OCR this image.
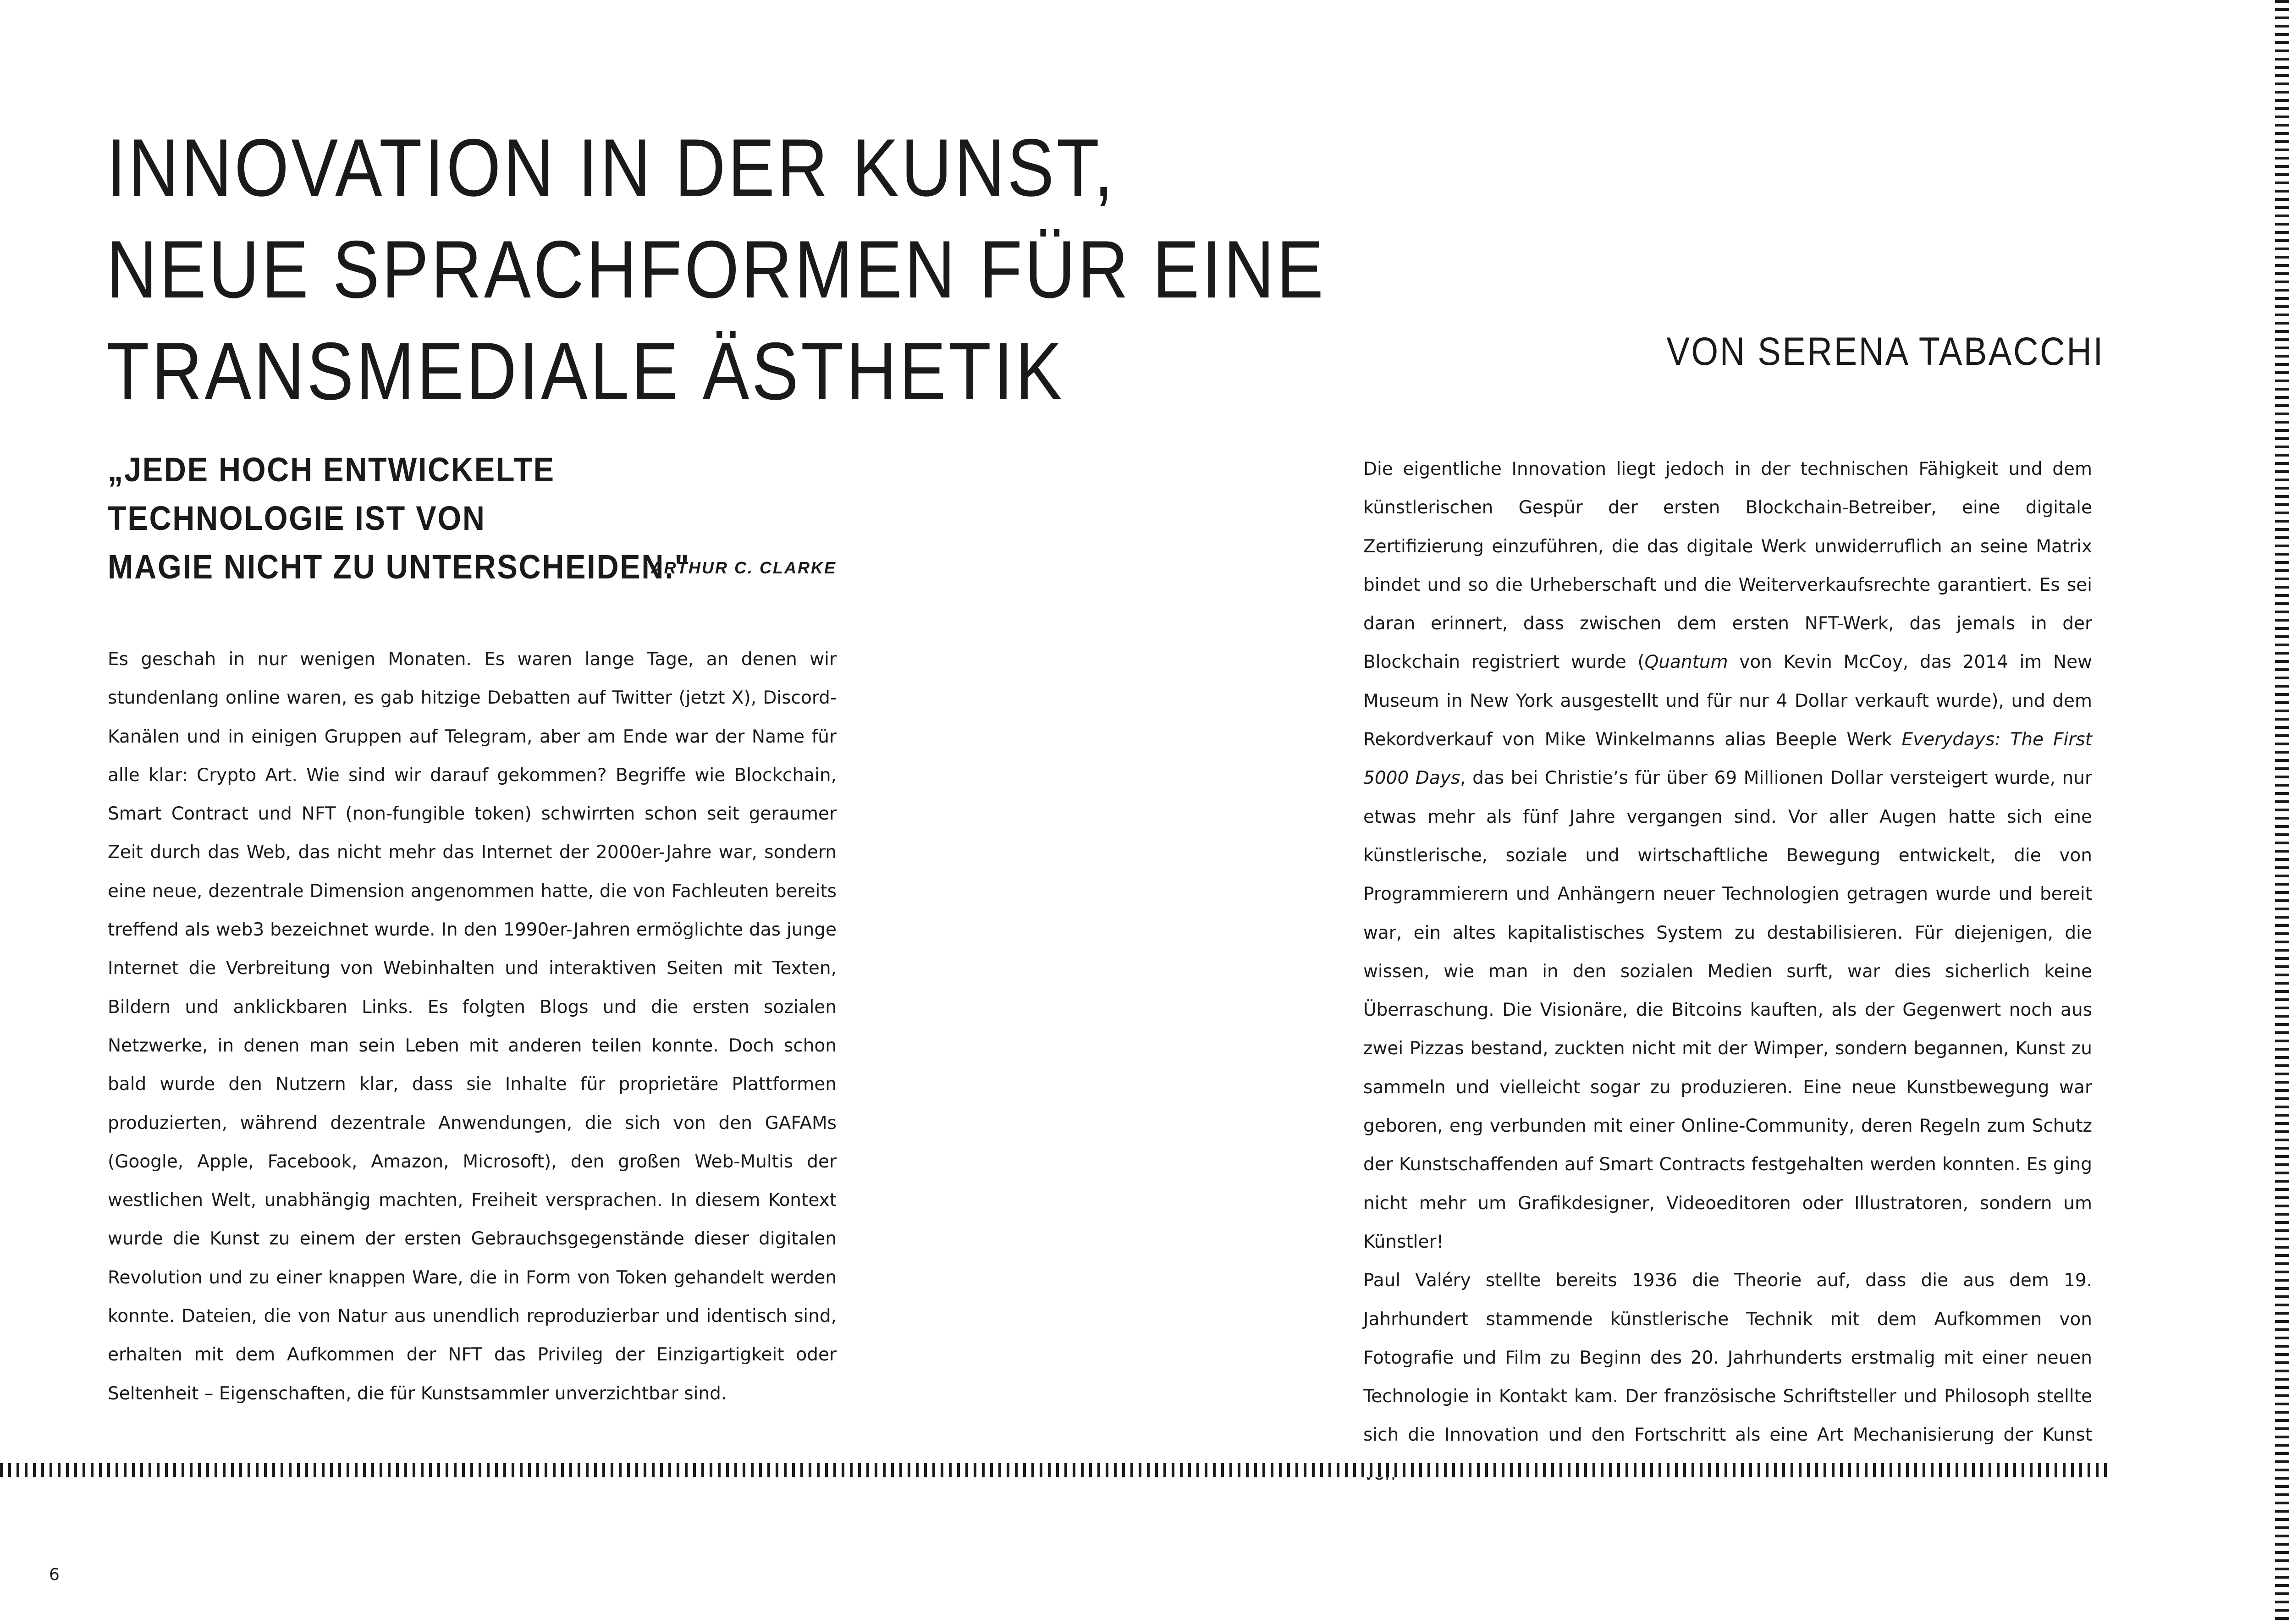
INNOVATION IN DER KUNST,
NEUE SPRACHFORMEN FÜR EINE
TRANSMEDIALE ÄSTHETIK	VON SERENA TABACCHI
„JEDE HOCH ENTWICKELTE TECHNOLOGIE IST VON
MAGIE NICHT ZU UNTERSCHEIDEN."
ARTHUR C. CLARKE

Es geschah in nur wenigen Monaten. Es waren lange Tage, an denen wir stundenlang online waren, es gab hitzige Debatten auf Twitter (jetzt X), Discord-Kanälen und in einigen Gruppen auf Telegram, aber am Ende war der Name für alle klar: Crypto Art. Wie sind wir darauf gekommen? Begriffe wie Blockchain, Smart Contract und NFT (non-fungible token) schwirrten schon seit geraumer Zeit durch das Web, das nicht mehr das Internet der 2000er-Jahre war, sondern eine neue, dezentrale Dimension angenommen hatte, die von Fachleuten bereits treffend als web3 bezeichnet wurde. In den 1990er-Jahren ermöglichte das junge Internet die Verbreitung von Webinhalten und interaktiven Seiten mit Texten, Bildern und anklickbaren Links. Es folgten Blogs und die ersten sozialen Netzwerke, in denen man sein Leben mit anderen teilen konnte. Doch schon bald wurde den Nutzern klar, dass sie Inhalte für proprietäre Plattformen produzierten, während dezentrale Anwendungen, die sich von den GAFAMs (Google, Apple, Facebook, Amazon, Microsoft), den großen Web-Multis der westlichen Welt, unabhängig machten, Freiheit versprachen. In diesem Kontext wurde die Kunst zu einem der ersten Gebrauchsgegenstände dieser digitalen Revolution und zu einer knappen Ware, die in Form von Token gehandelt werden konnte. Dateien, die von Natur aus unendlich reproduzierbar und identisch sind, erhalten mit dem Aufkommen der NFT das Privileg der Einzigartigkeit oder Seltenheit – Eigenschaften, die für Kunstsammler unverzichtbar sind.

Die eigentliche Innovation liegt jedoch in der technischen Fähigkeit und dem künstlerischen Gespür der ersten Blockchain-Betreiber, eine digitale Zertifizierung einzuführen, die das digitale Werk unwiderruflich an seine Matrix bindet und so die Urheberschaft und die Weiterverkaufsrechte garantiert. Es sei daran erinnert, dass zwischen dem ersten NFT-Werk, das jemals in der Blockchain registriert wurde (Quantum von Kevin McCoy, das 2014 im New Museum in New York ausgestellt und für nur 4 Dollar verkauft wurde), und dem Rekordverkauf von Mike Winkelmanns alias Beeple Werk Everydays: The First 5000 Days, das bei Christie’s für über 69 Millionen Dollar versteigert wurde, nur etwas mehr als fünf Jahre vergangen sind. Vor aller Augen hatte sich eine künstlerische, soziale und wirtschaftliche Bewegung entwickelt, die von Programmierern und Anhängern neuer Technologien getragen wurde und bereit war, ein altes kapitalistisches System zu destabilisieren. Für diejenigen, die wissen, wie man in den sozialen Medien surft, war dies sicherlich keine Überraschung. Die Visionäre, die Bitcoins kauften, als der Gegenwert noch aus zwei Pizzas bestand, zuckten nicht mit der Wimper, sondern begannen, Kunst zu sammeln und vielleicht sogar zu produzieren. Eine neue Kunstbewegung war geboren, eng verbunden mit einer Online-Community, deren Regeln zum Schutz der Kunstschaffenden auf Smart Contracts festgehalten werden konnten. Es ging nicht mehr um Grafikdesigner, Videoeditoren oder Illustratoren, sondern um Künstler!

Paul Valéry stellte bereits 1936 die Theorie auf, dass die aus dem 19. Jahrhundert stammende künstlerische Technik mit dem Aufkommen von Fotografie und Film zu Beginn des 20. Jahrhunderts erstmalig mit einer neuen Technologie in Kontakt kam. Der französische Schriftsteller und Philosoph stellte sich die Innovation und den Fortschritt als eine Art Mechanisierung der Kunst

6
